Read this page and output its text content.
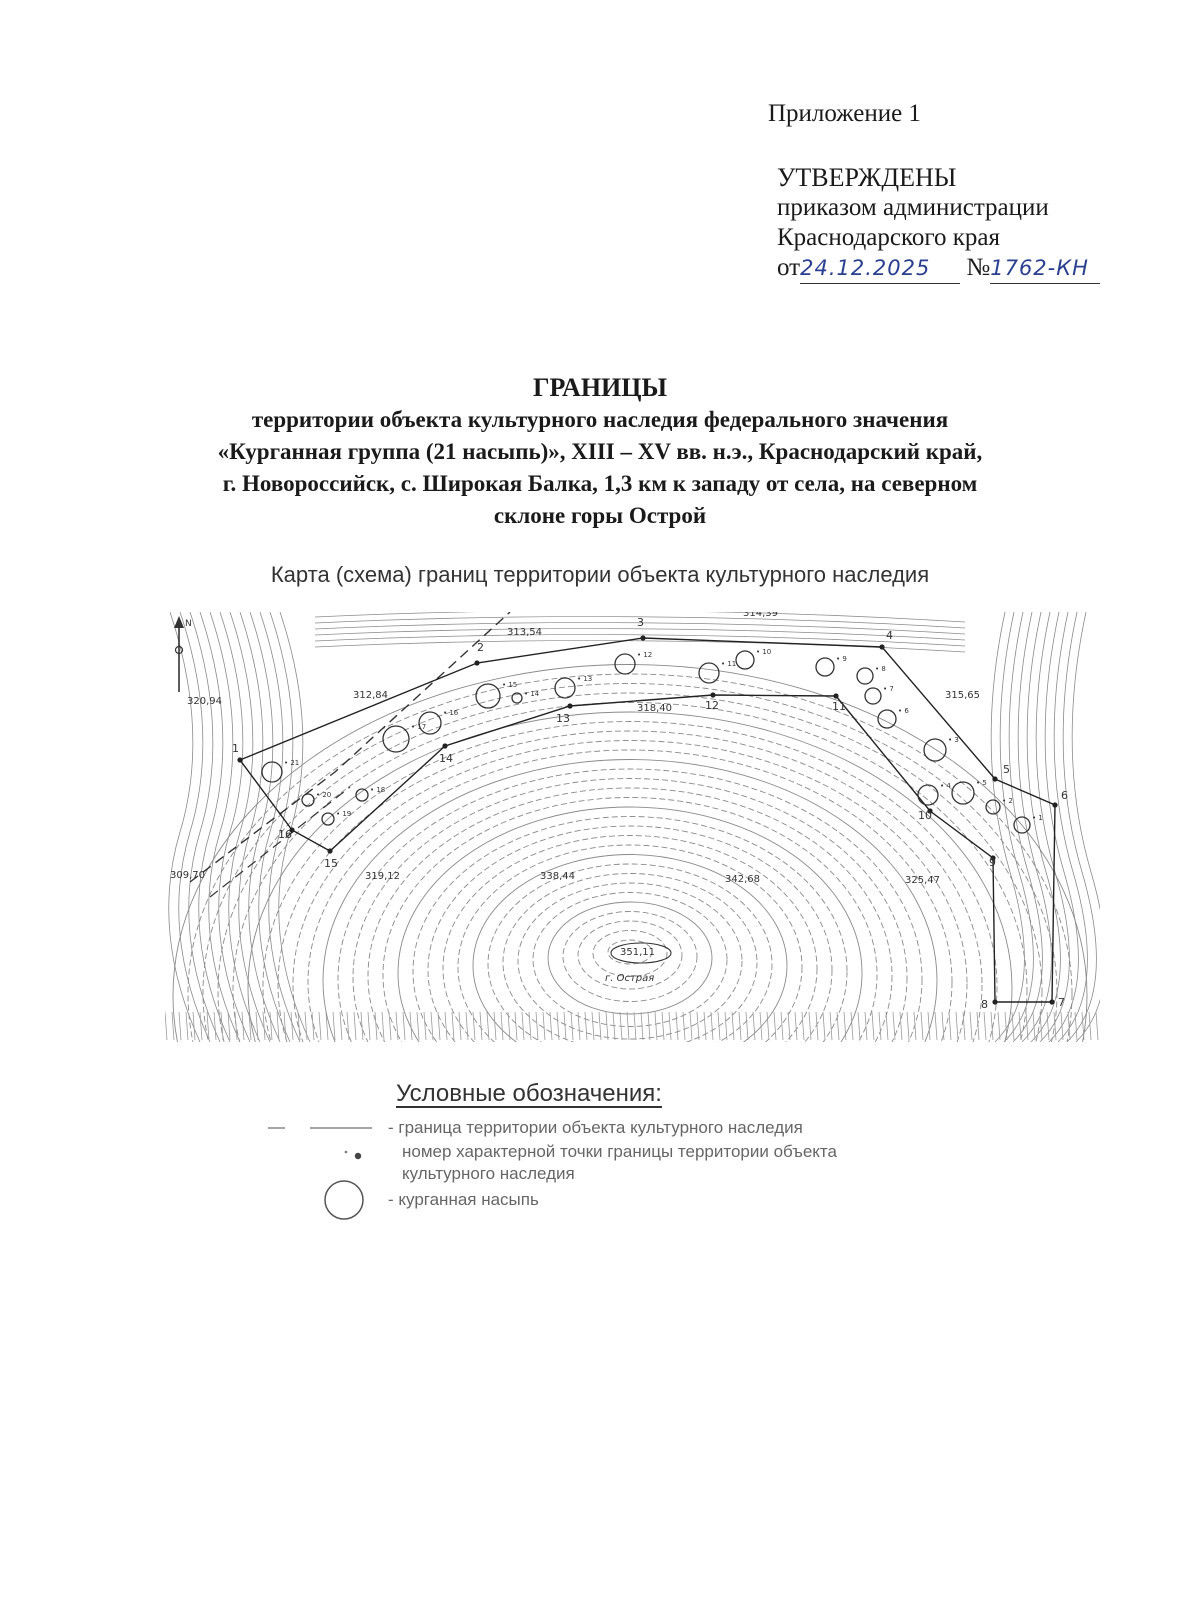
Приложение 1
УТВЕРЖДЕНЫ
приказом администрации
Краснодарского края
от24.12.2025 №1762-КН
ГРАНИЦЫ
территории объекта культурного наследия федерального значения
«Курганная группа (21 насыпь)», XIII – XV вв. н.э., Краснодарский край,
г. Новороссийск, с. Широкая Балка, 1,3 км к западу от села, на северном
склоне горы Острой
Карта (схема) границ территории объекта культурного наследия
1
2
3
4
5
6
7
8
9
10
11
12
13
14
15
16
• 1
• 2
• 3
• 4	• 5
• 6
• 7
• 8
• 9
• 10
• 11
• 12
• 13
• 14
• 15
• 16
• 17
• 18
• 19
• 20
• 21
320,94
312,84
313,54
314,39
315,65
318,40
309,70	319,12	338,44	342,68	325,47
351,11
г. Острая
N
Условные обозначения:
- граница территории объекта культурного наследия
номер характерной точки границы территории объекта
культурного наследия
- курганная насыпь
